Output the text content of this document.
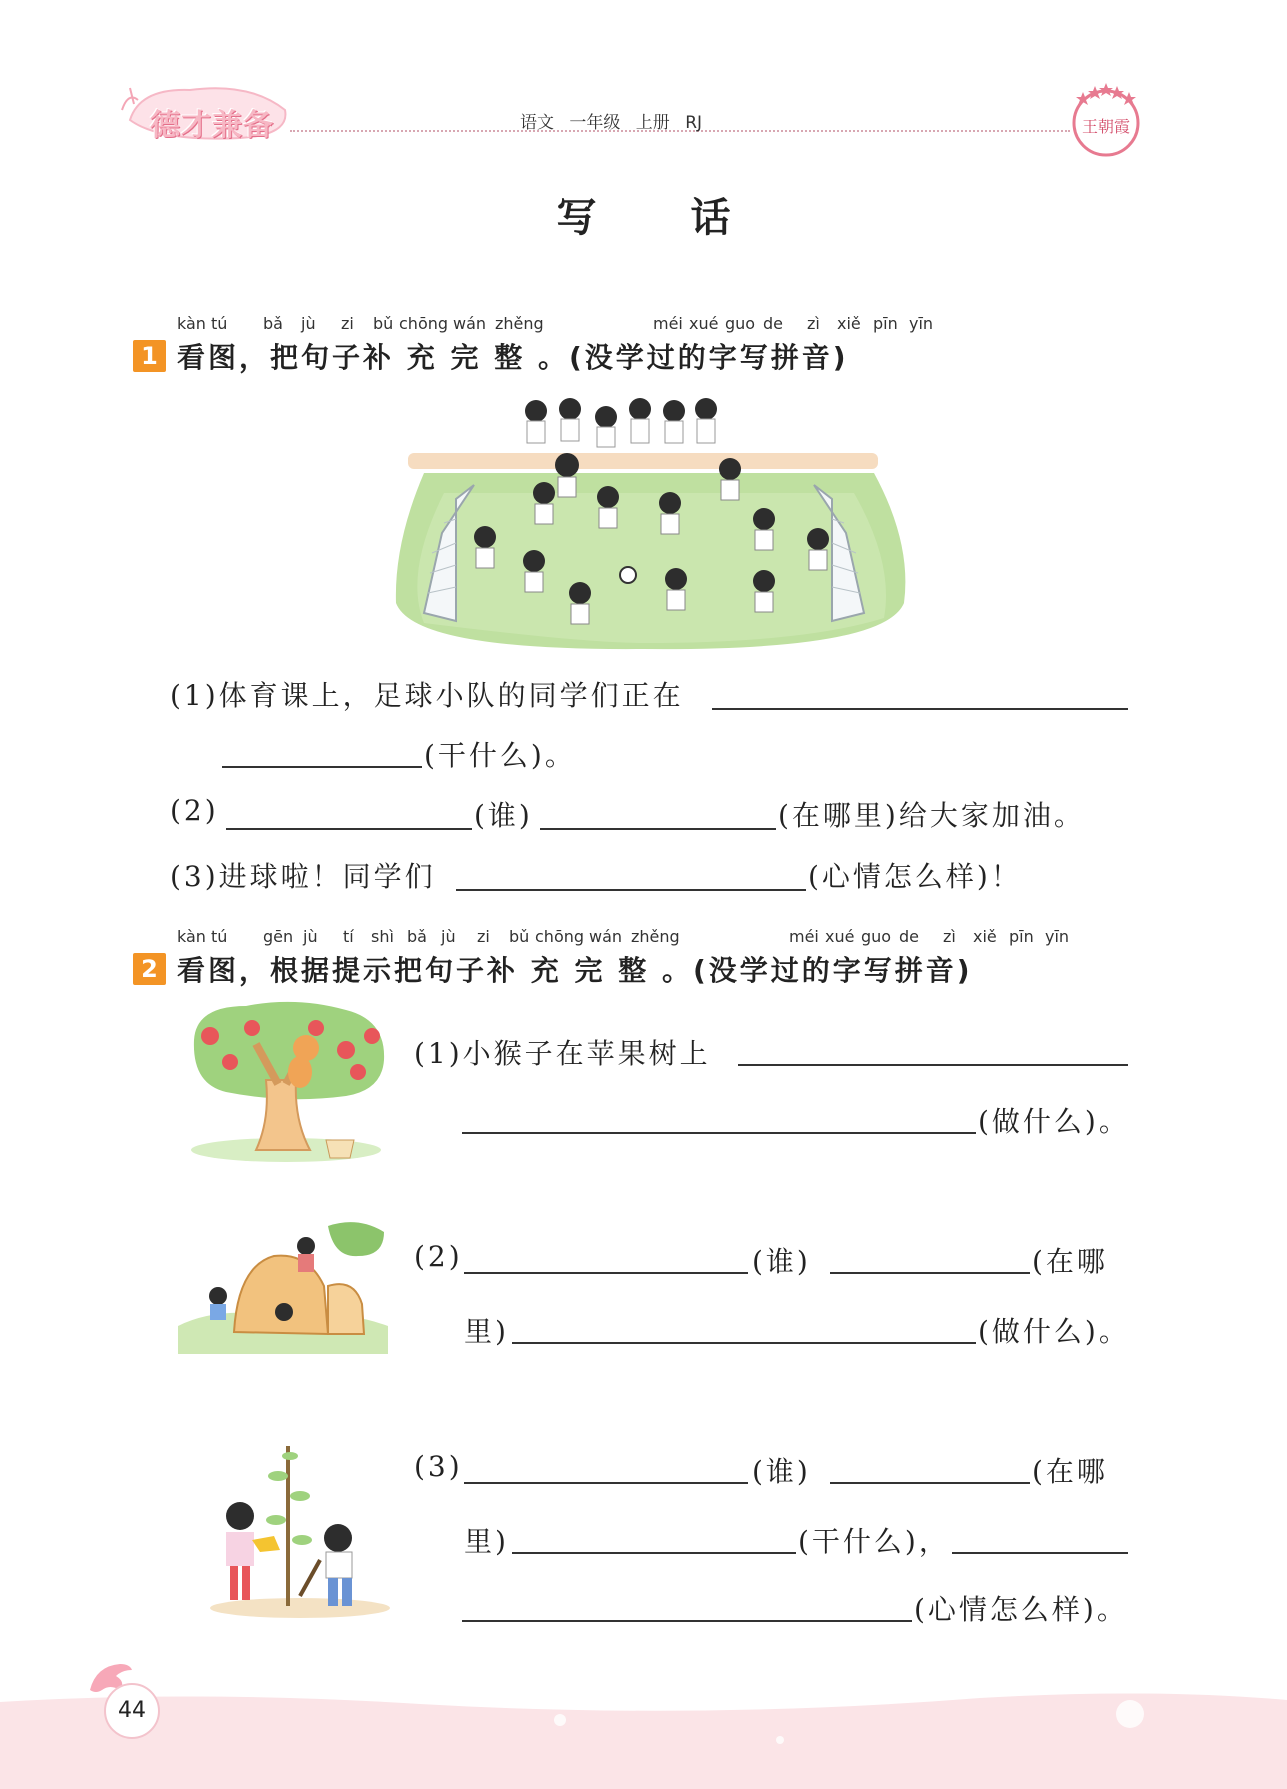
德才兼备	语文 一年级 上册 RJ	王朝霞
写 话
kàn tú bǎ jù zi bǔ chōng wán zhěng	méi xué guo de zì xiě pīn yīn
1 看图，把句子补 充 完 整 。(没学过的字写拼音)
(1)体育课上，足球小队的同学们正在
(干什么)。
(2)	(谁)	(在哪里)给大家加油。
(3)进球啦！同学们	(心情怎么样)！
kàn tú gēn jù tí shì bǎ jù zi bǔ chōng wán zhěng	méi xué guo de zì xiě pīn yīn
2 看图，根据提示把句子补 充 完 整 。(没学过的字写拼音)
(1)小猴子在苹果树上
(做什么)。
(2)	(谁)	(在哪
里)	(做什么)。
(3)	(谁)	(在哪
里)	(干什么)，
(心情怎么样)。
44
